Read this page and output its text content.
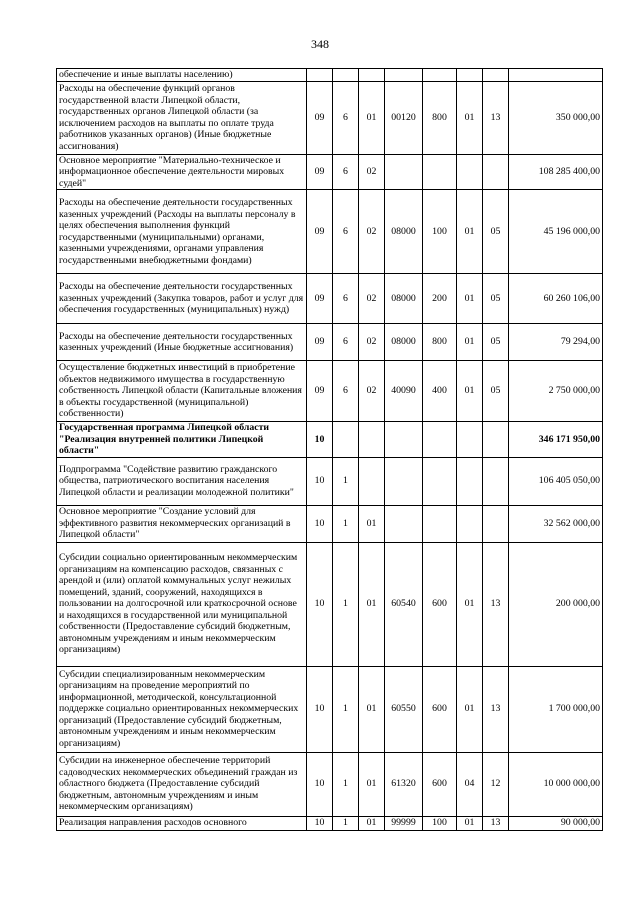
348
обеспечение и иные выплаты населению)								
Расходы на обеспечение функций органов государственной власти Липецкой области, государственных органов Липецкой области (за исключением расходов на выплаты по оплате труда работников указанных органов) (Иные бюджетные ассигнования)	09	6	01	00120	800	01	13	350 000,00
Основное мероприятие "Материально-техническое и информационное обеспечение деятельности мировых судей"	09	6	02					108 285 400,00
Расходы на обеспечение деятельности государственных казенных учреждений (Расходы на выплаты персоналу в целях обеспечения выполнения функций государственными (муниципальными) органами, казенными учреждениями, органами управления государственными внебюджетными фондами)	09	6	02	08000	100	01	05	45 196 000,00
Расходы на обеспечение деятельности государственных казенных учреждений (Закупка товаров, работ и услуг для обеспечения государственных (муниципальных) нужд)	09	6	02	08000	200	01	05	60 260 106,00
Расходы на обеспечение деятельности государственных казенных учреждений (Иные бюджетные ассигнования)	09	6	02	08000	800	01	05	79 294,00
Осуществление бюджетных инвестиций в приобретение объектов недвижимого имущества в государственную собственность Липецкой области (Капитальные вложения в объекты государственной (муниципальной) собственности)	09	6	02	40090	400	01	05	2 750 000,00
Государственная программа Липецкой области "Реализация внутренней политики Липецкой области"	10							346 171 950,00
Подпрограмма "Содействие развитию гражданского общества, патриотического воспитания населения Липецкой области и реализации молодежной политики"	10	1						106 405 050,00
Основное мероприятие "Создание условий для эффективного развития некоммерческих организаций в Липецкой области"	10	1	01					32 562 000,00
Субсидии социально ориентированным некоммерческим организациям на компенсацию расходов, связанных с арендой и (или) оплатой коммунальных услуг нежилых помещений, зданий, сооружений, находящихся в пользовании на долгосрочной или краткосрочной основе и находящихся в государственной или муниципальной собственности (Предоставление субсидий бюджетным, автономным учреждениям и иным некоммерческим организациям)	10	1	01	60540	600	01	13	200 000,00
Субсидии специализированным некоммерческим организациям на проведение мероприятий по информационной, методической, консультационной поддержке социально ориентированных некоммерческих организаций (Предоставление субсидий бюджетным, автономным учреждениям и иным некоммерческим организациям)	10	1	01	60550	600	01	13	1 700 000,00
Субсидии на инженерное обеспечение территорий садоводческих некоммерческих объединений граждан из областного бюджета (Предоставление субсидий бюджетным, автономным учреждениям и иным некоммерческим организациям)	10	1	01	61320	600	04	12	10 000 000,00
Реализация направления расходов основного	10	1	01	99999	100	01	13	90 000,00
